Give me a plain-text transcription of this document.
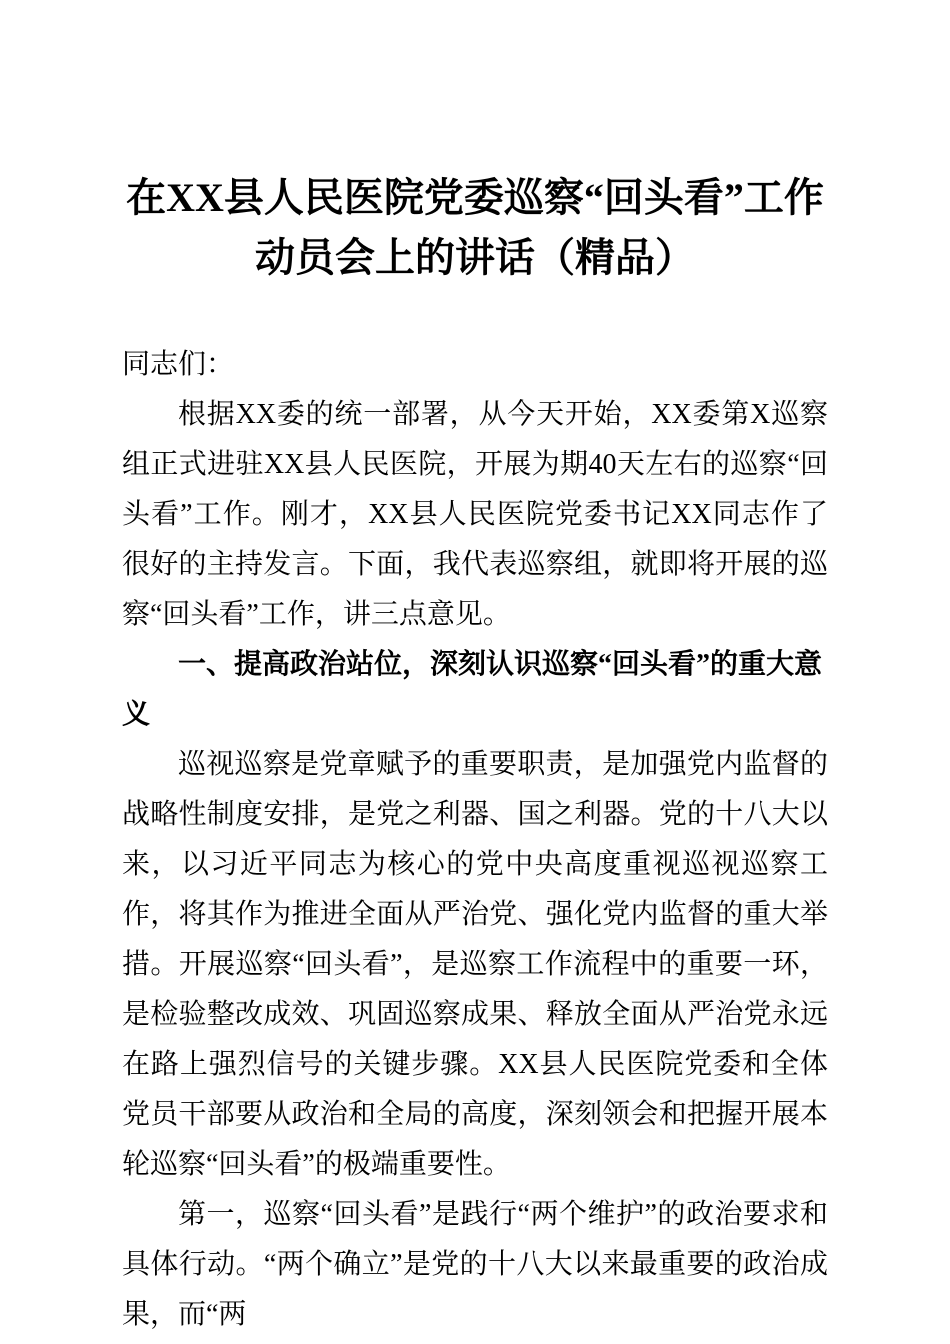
在XX县人民医院党委巡察“回头看”工作动员会上的讲话（精品）

同志们：

根据XX委的统一部署，从今天开始，XX委第X巡察组正式进驻XX县人民医院，开展为期40天左右的巡察“回头看”工作。刚才，XX县人民医院党委书记XX同志作了很好的主持发言。下面，我代表巡察组，就即将开展的巡察“回头看”工作，讲三点意见。

一、提高政治站位，深刻认识巡察“回头看”的重大意义

巡视巡察是党章赋予的重要职责，是加强党内监督的战略性制度安排，是党之利器、国之利器。党的十八大以来，以习近平同志为核心的党中央高度重视巡视巡察工作，将其作为推进全面从严治党、强化党内监督的重大举措。开展巡察“回头看”，是巡察工作流程中的重要一环，是检验整改成效、巩固巡察成果、释放全面从严治党永远在路上强烈信号的关键步骤。XX县人民医院党委和全体党员干部要从政治和全局的高度，深刻领会和把握开展本轮巡察“回头看”的极端重要性。

第一，巡察“回头看”是践行“两个维护”的政治要求和具体行动。“两个确立”是党的十八大以来最重要的政治成果，而“两
